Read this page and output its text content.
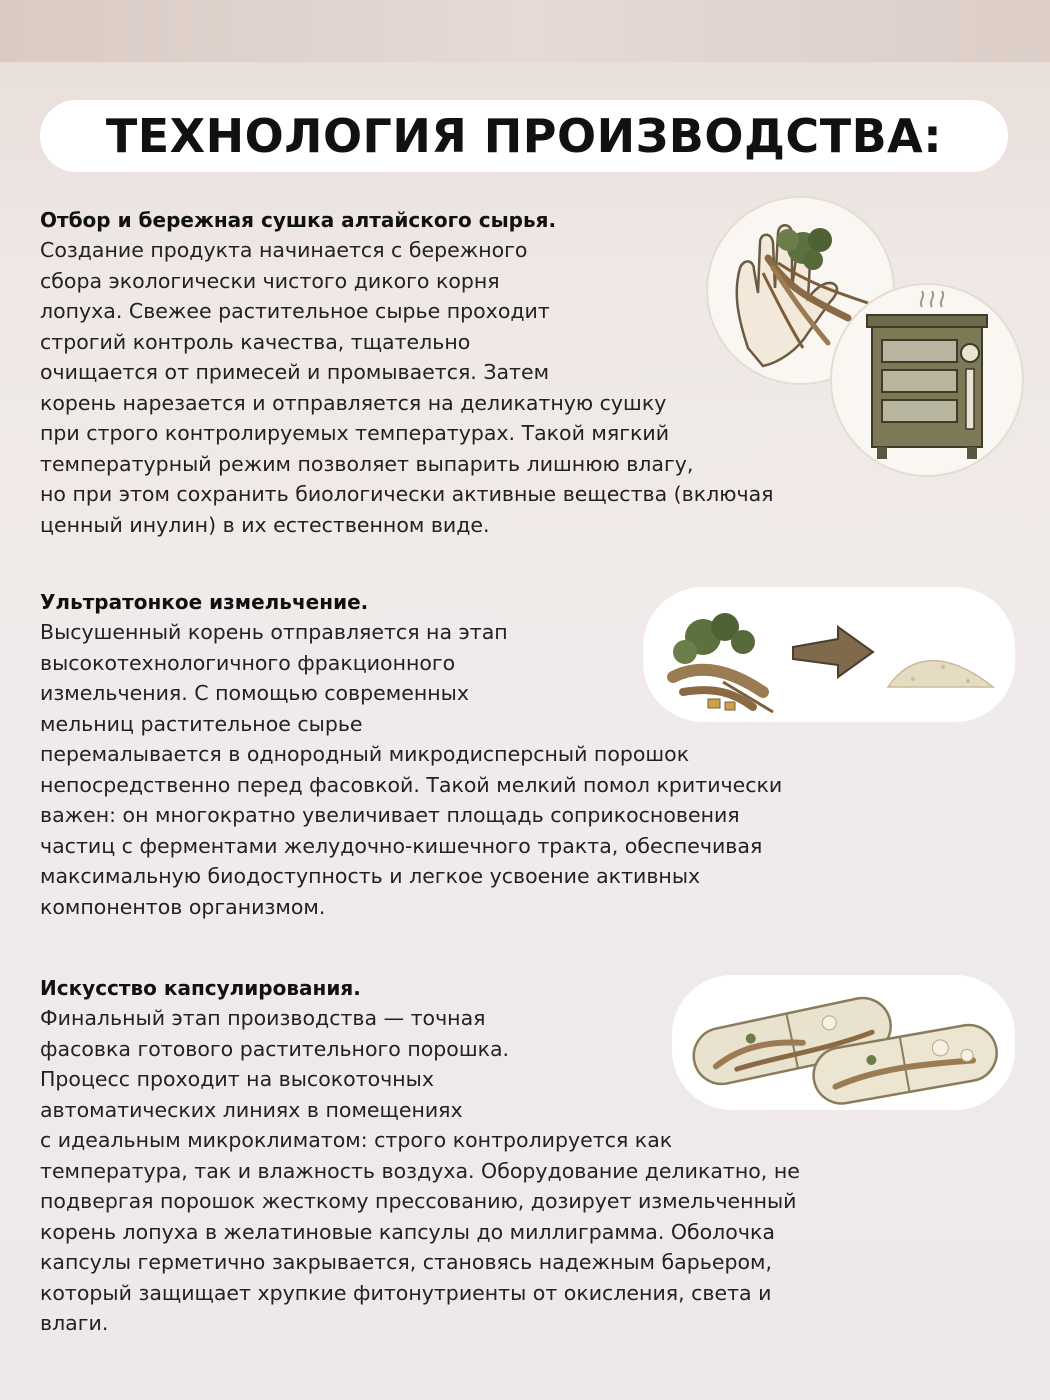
ТЕХНОЛОГИЯ ПРОИЗВОДСТВА:
Отбор и бережная сушка алтайского сырья.
Создание продукта начинается с бережного
сбора экологически чистого дикого корня
лопуха. Свежее растительное сырье проходит
строгий контроль качества, тщательно
очищается от примесей и промывается. Затем
корень нарезается и отправляется на деликатную сушку
при строго контролируемых температурах. Такой мягкий
температурный режим позволяет выпарить лишнюю влагу,
но при этом сохранить биологически активные вещества (включая
ценный инулин) в их естественном виде.
Ультратонкое измельчение.
Высушенный корень отправляется на этап
высокотехнологичного фракционного
измельчения. С помощью современных
мельниц растительное сырье
перемалывается в однородный микродисперсный порошок
непосредственно перед фасовкой. Такой мелкий помол критически
важен: он многократно увеличивает площадь соприкосновения
частиц с ферментами желудочно-кишечного тракта, обеспечивая
максимальную биодоступность и легкое усвоение активных
компонентов организмом.
Искусство капсулирования.
Финальный этап производства — точная
фасовка готового растительного порошка.
Процесс проходит на высокоточных
автоматических линиях в помещениях
с идеальным микроклиматом: строго контролируется как
температура, так и влажность воздуха. Оборудование деликатно, не
подвергая порошок жесткому прессованию, дозирует измельченный
корень лопуха в желатиновые капсулы до миллиграмма. Оболочка
капсулы герметично закрывается, становясь надежным барьером,
который защищает хрупкие фитонутриенты от окисления, света и
влаги.
